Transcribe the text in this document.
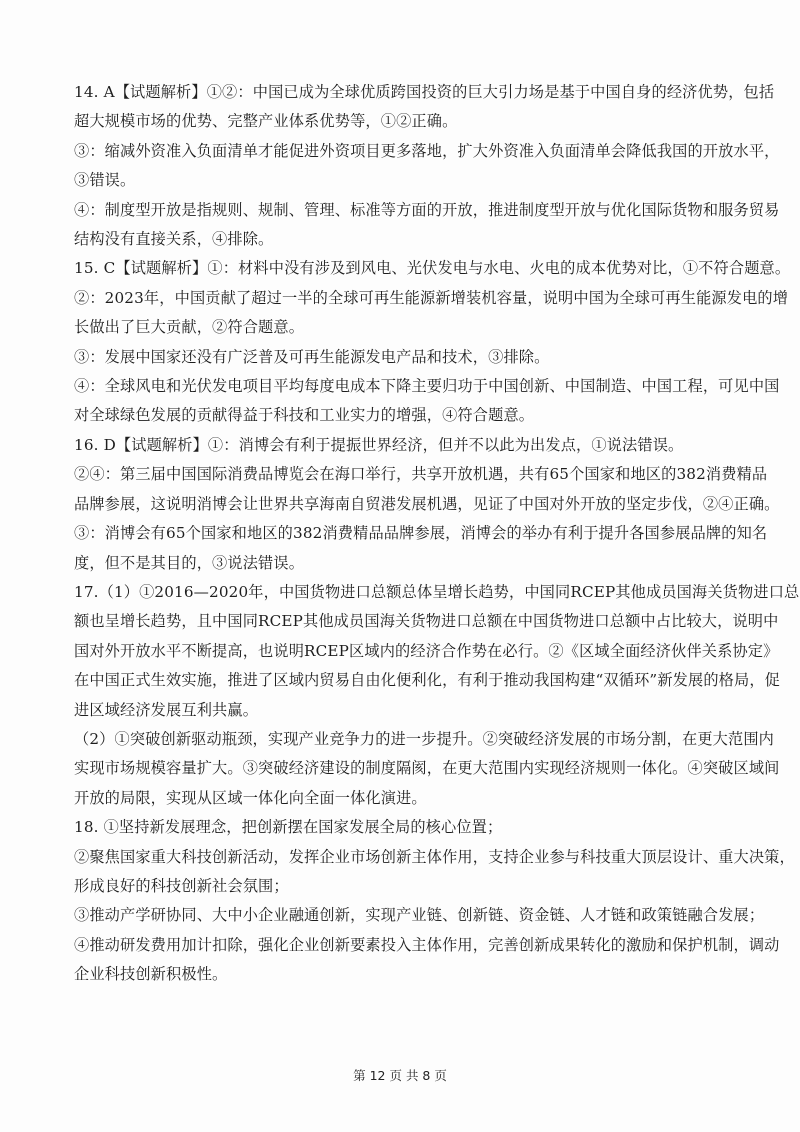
14. A【试题解析】①②：中国已成为全球优质跨国投资的巨大引力场是基于中国自身的经济优势，包括
超大规模市场的优势、完整产业体系优势等，①②正确。
③：缩减外资准入负面清单才能促进外资项目更多落地，扩大外资准入负面清单会降低我国的开放水平，
③错误。
④：制度型开放是指规则、规制、管理、标准等方面的开放，推进制度型开放与优化国际货物和服务贸易
结构没有直接关系，④排除。
15. C【试题解析】①：材料中没有涉及到风电、光伏发电与水电、火电的成本优势对比，①不符合题意。
②：2023年，中国贡献了超过一半的全球可再生能源新增装机容量，说明中国为全球可再生能源发电的增
长做出了巨大贡献，②符合题意。
③：发展中国家还没有广泛普及可再生能源发电产品和技术，③排除。
④：全球风电和光伏发电项目平均每度电成本下降主要归功于中国创新、中国制造、中国工程，可见中国
对全球绿色发展的贡献得益于科技和工业实力的增强，④符合题意。
16. D【试题解析】①：消博会有利于提振世界经济，但并不以此为出发点，①说法错误。
②④：第三届中国国际消费品博览会在海口举行，共享开放机遇，共有65个国家和地区的382消费精品
品牌参展，这说明消博会让世界共享海南自贸港发展机遇，见证了中国对外开放的坚定步伐，②④正确。
③：消博会有65个国家和地区的382消费精品品牌参展，消博会的举办有利于提升各国参展品牌的知名
度，但不是其目的，③说法错误。
17.（1）①2016—2020年，中国货物进口总额总体呈增长趋势，中国同RCEP其他成员国海关货物进口总
额也呈增长趋势，且中国同RCEP其他成员国海关货物进口总额在中国货物进口总额中占比较大，说明中
国对外开放水平不断提高，也说明RCEP区域内的经济合作势在必行。②《区域全面经济伙伴关系协定》
在中国正式生效实施，推进了区域内贸易自由化便利化，有利于推动我国构建“双循环”新发展的格局，促
进区域经济发展互利共赢。
（2）①突破创新驱动瓶颈，实现产业竞争力的进一步提升。②突破经济发展的市场分割，在更大范围内
实现市场规模容量扩大。③突破经济建设的制度隔阂，在更大范围内实现经济规则一体化。④突破区域间
开放的局限，实现从区域一体化向全面一体化演进。
18. ①坚持新发展理念，把创新摆在国家发展全局的核心位置；
②聚焦国家重大科技创新活动，发挥企业市场创新主体作用，支持企业参与科技重大顶层设计、重大决策，
形成良好的科技创新社会氛围；
③推动产学研协同、大中小企业融通创新，实现产业链、创新链、资金链、人才链和政策链融合发展；
④推动研发费用加计扣除，强化企业创新要素投入主体作用，完善创新成果转化的激励和保护机制，调动
企业科技创新积极性。
第 12 页 共 8 页
